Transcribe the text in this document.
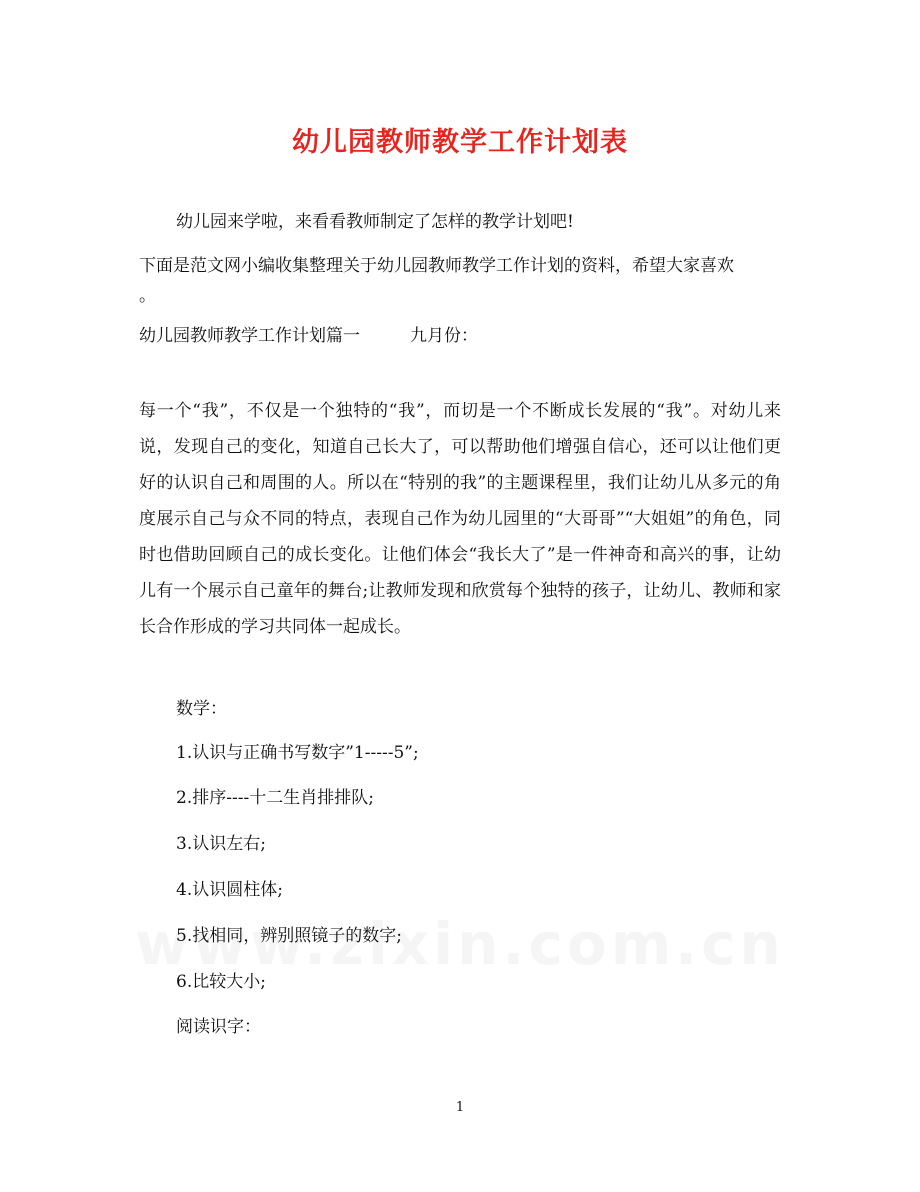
幼儿园教师教学工作计划表
幼儿园来学啦，来看看教师制定了怎样的教学计划吧!
下面是范文网小编收集整理关于幼儿园教师教学工作计划的资料，希望大家喜欢
。
幼儿园教师教学工作计划篇一	九月份：
每一个“我”，不仅是一个独特的“我”，而切是一个不断成长发展的“我”。对幼儿来说，发现自己的变化，知道自己长大了，可以帮助他们增强自信心，还可以让他们更好的认识自己和周围的人。所以在“特别的我”的主题课程里，我们让幼儿从多元的角度展示自己与众不同的特点，表现自己作为幼儿园里的“大哥哥”“大姐姐”的角色，同时也借助回顾自己的成长变化。让他们体会“我长大了”是一件神奇和高兴的事，让幼儿有一个展示自己童年的舞台;让教师发现和欣赏每个独特的孩子，让幼儿、教师和家长合作形成的学习共同体一起成长。
数学：
1.认识与正确书写数字”1-----5”;
2.排序----十二生肖排排队;
3.认识左右;
4.认识圆柱体;
5.找相同，辨别照镜子的数字;
6.比较大小;
阅读识字：
1
